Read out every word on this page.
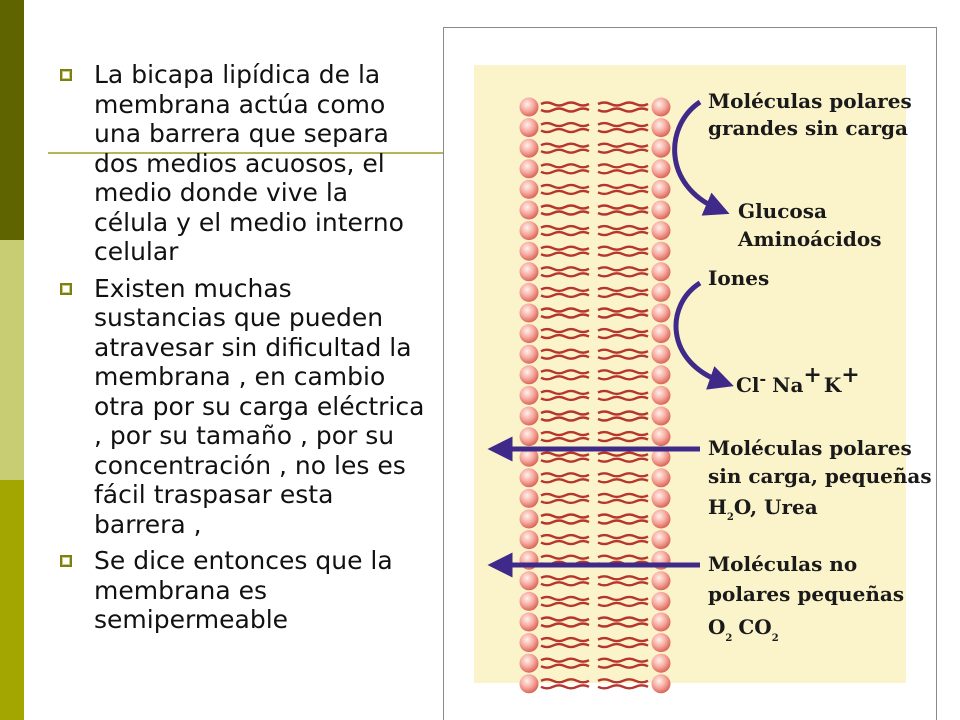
La bicapa lipídica de la membrana actúa como una barrera que separa dos medios acuosos, el medio donde vive la célula y el medio interno celular
Existen muchas sustancias que pueden atravesar sin dificultad la membrana , en cambio otra por su carga eléctrica , por su tamaño , por su concentración , no les es fácil traspasar esta barrera ,
Se dice entonces que la membrana es semipermeable
Moléculas polares
grandes sin carga
Glucosa
Aminoácidos
Iones
Cl- Na+ K+
Moléculas polares
sin carga, pequeñas
$H_2O$, Urea
Moléculas no
polares pequeñas
$O_2$ $CO_2$
